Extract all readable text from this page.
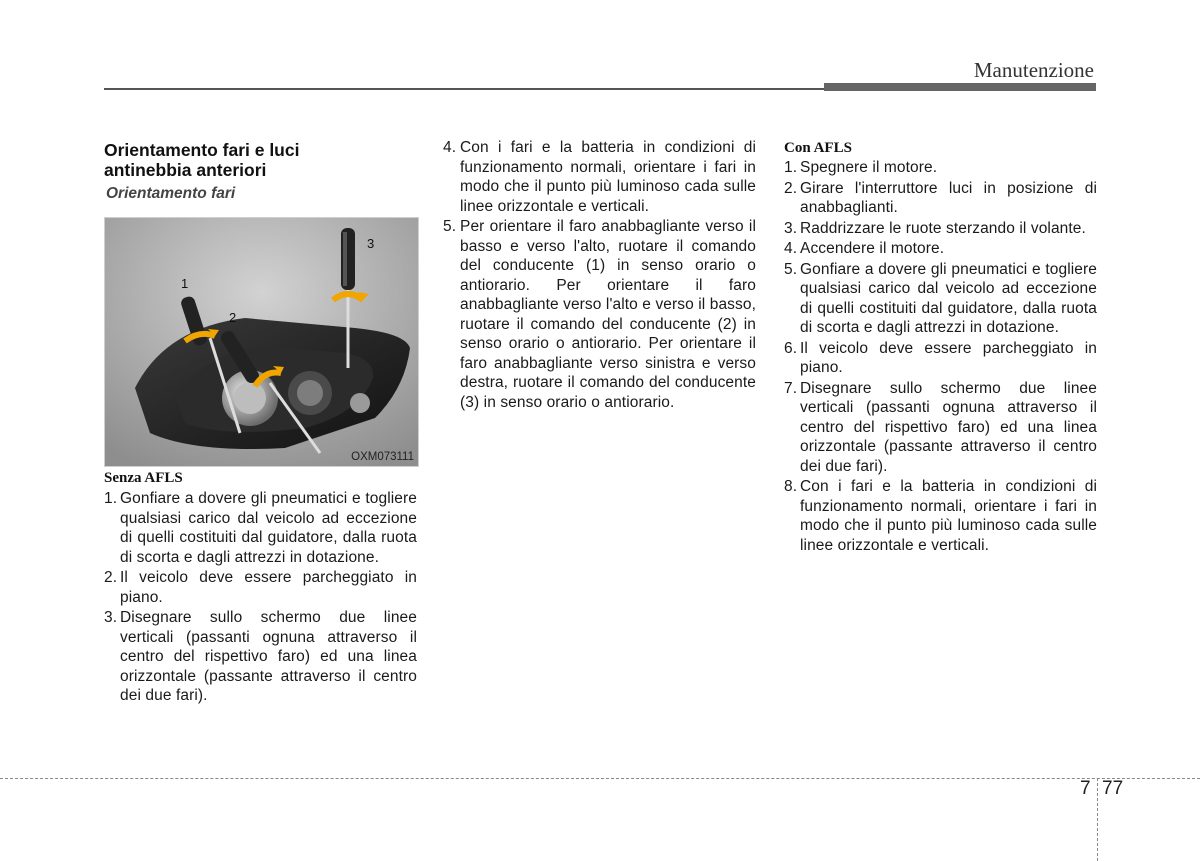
Manutenzione
Orientamento fari e luci
antinebbia anteriori
Orientamento fari
1
2
3
OXM073111

Senza AFLS

1. Gonfiare a dovere gli pneumatici e togliere qualsiasi carico dal veicolo ad eccezione di quelli costituiti dal guidatore, dalla ruota di scorta e dagli attrezzi in dotazione.
2. Il veicolo deve essere parcheggiato in piano.
3. Disegnare sullo schermo due linee verticali (passanti ognuna attraverso il centro del rispettivo faro) ed una linea orizzontale (passante attraverso il centro dei due fari).
4. Con i fari e la batteria in condizioni di funzionamento normali, orientare i fari in modo che il punto più luminoso cada sulle linee orizzontale e verticali.
5. Per orientare il faro anabbagliante verso il basso e verso l'alto, ruotare il comando del conducente (1) in senso orario o antiorario. Per orientare il faro anabbagliante verso l'alto e verso il basso, ruotare il comando del conducente (2) in senso orario o antiorario. Per orientare il faro anabbagliante verso sinistra e verso destra, ruotare il comando del conducente (3) in senso orario o antiorario.

Con AFLS

1. Spegnere il motore.
2. Girare l'interruttore luci in posizione di anabbaglianti.
3. Raddrizzare le ruote sterzando il volante.
4. Accendere il motore.
5. Gonfiare a dovere gli pneumatici e togliere qualsiasi carico dal veicolo ad eccezione di quelli costituiti dal guidatore, dalla ruota di scorta e dagli attrezzi in dotazione.
6. Il veicolo deve essere parcheggiato in piano.
7. Disegnare sullo schermo due linee verticali (passanti ognuna attraverso il centro del rispettivo faro) ed una linea orizzontale (passante attraverso il centro dei due fari).
8. Con i fari e la batteria in condizioni di funzionamento normali, orientare i fari in modo che il punto più luminoso cada sulle linee orizzontale e verticali.
7 77
